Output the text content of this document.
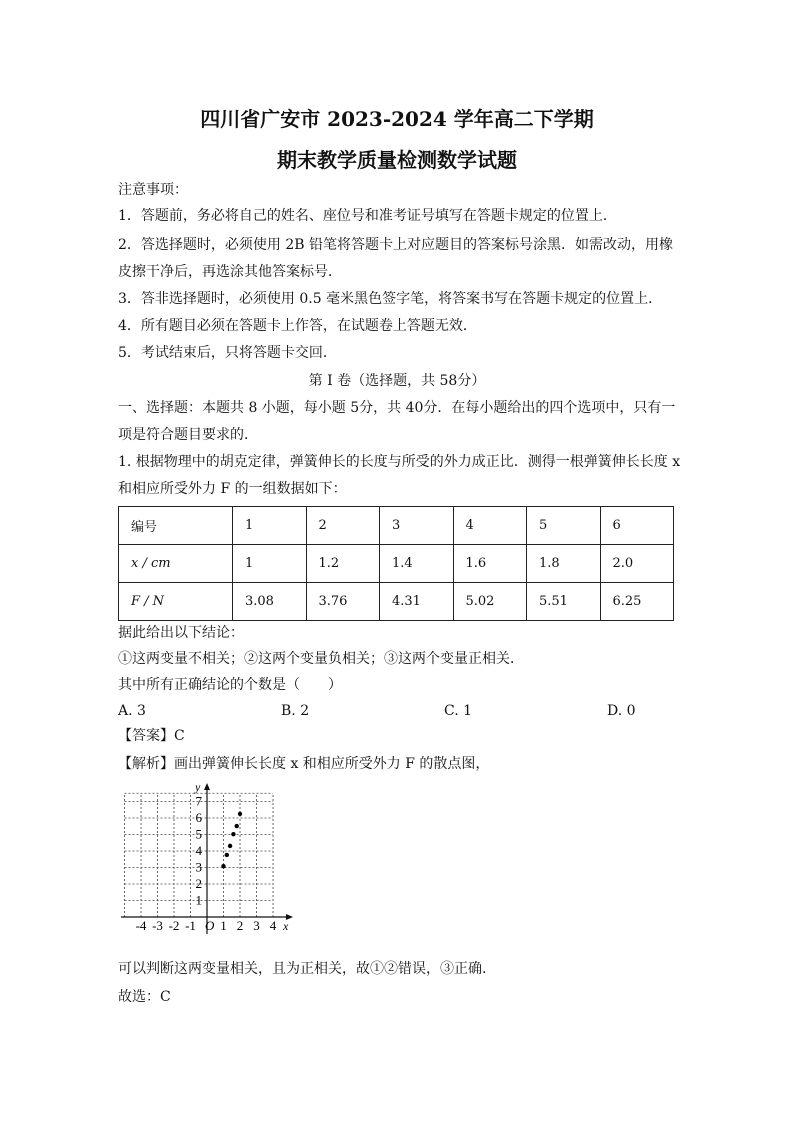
四川省广安市 2023-2024 学年高二下学期
期末教学质量检测数学试题
注意事项：
1．答题前，务必将自己的姓名、座位号和准考证号填写在答题卡规定的位置上．
2．答选择题时，必须使用 2B 铅笔将答题卡上对应题目的答案标号涂黑．如需改动，用橡
皮擦干净后，再选涂其他答案标号．
3．答非选择题时，必须使用 0.5 毫米黑色签字笔，将答案书写在答题卡规定的位置上．
4．所有题目必须在答题卡上作答，在试题卷上答题无效．
5．考试结束后，只将答题卡交回．
第 I 卷（选择题，共 58分）
一、选择题：本题共 8 小题，每小题 5分，共 40分．在每小题给出的四个选项中，只有一
项是符合题目要求的．
1. 根据物理中的胡克定律，弹簧伸长的长度与所受的外力成正比．测得一根弹簧伸长长度 x
和相应所受外力 F 的一组数据如下：
编号	1	2	3	4	5	6
x / cm	1	1.2	1.4	1.6	1.8	2.0
F / N	3.08	3.76	4.31	5.02	5.51	6.25
据此给出以下结论：
①这两变量不相关；②这两个变量负相关；③这两个变量正相关．
其中所有正确结论的个数是（　　）
A. 3	B. 2	C. 1	D. 0
【答案】C
【解析】画出弹簧伸长长度 x 和相应所受外力 F 的散点图，
y
x
O
-4 -3 -2 -1 1 2 3 4
1
2
3
4
5
6
7
可以判断这两变量相关，且为正相关，故①②错误，③正确.
故选：C
